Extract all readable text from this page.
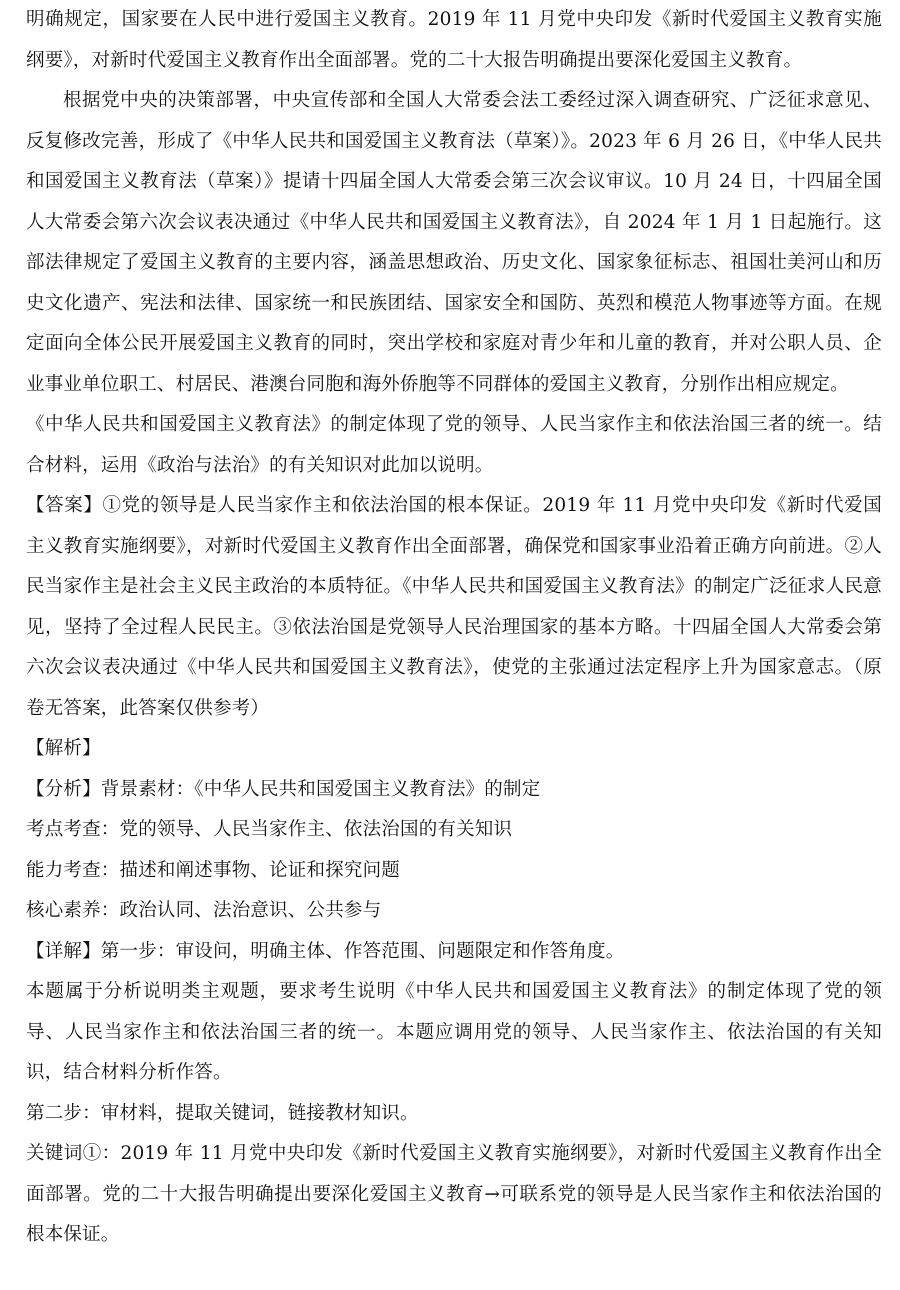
明确规定，国家要在人民中进行爱国主义教育。2019 年 11 月党中央印发《新时代爱国主义教育实施纲要》，对新时代爱国主义教育作出全面部署。党的二十大报告明确提出要深化爱国主义教育。

根据党中央的决策部署，中央宣传部和全国人大常委会法工委经过深入调查研究、广泛征求意见、反复修改完善，形成了《中华人民共和国爱国主义教育法（草案）》。2023 年 6 月 26 日，《中华人民共和国爱国主义教育法（草案）》提请十四届全国人大常委会第三次会议审议。10 月 24 日，十四届全国人大常委会第六次会议表决通过《中华人民共和国爱国主义教育法》，自 2024 年 1 月 1 日起施行。这部法律规定了爱国主义教育的主要内容，涵盖思想政治、历史文化、国家象征标志、祖国壮美河山和历史文化遗产、宪法和法律、国家统一和民族团结、国家安全和国防、英烈和模范人物事迹等方面。在规定面向全体公民开展爱国主义教育的同时，突出学校和家庭对青少年和儿童的教育，并对公职人员、企业事业单位职工、村居民、港澳台同胞和海外侨胞等不同群体的爱国主义教育，分别作出相应规定。

《中华人民共和国爱国主义教育法》的制定体现了党的领导、人民当家作主和依法治国三者的统一。结合材料，运用《政治与法治》的有关知识对此加以说明。

【答案】①党的领导是人民当家作主和依法治国的根本保证。2019 年 11 月党中央印发《新时代爱国主义教育实施纲要》，对新时代爱国主义教育作出全面部署，确保党和国家事业沿着正确方向前进。②人民当家作主是社会主义民主政治的本质特征。《中华人民共和国爱国主义教育法》的制定广泛征求人民意见，坚持了全过程人民民主。③依法治国是党领导人民治理国家的基本方略。十四届全国人大常委会第六次会议表决通过《中华人民共和国爱国主义教育法》，使党的主张通过法定程序上升为国家意志。（原卷无答案，此答案仅供参考）

【解析】

【分析】背景素材：《中华人民共和国爱国主义教育法》的制定

考点考查：党的领导、人民当家作主、依法治国的有关知识

能力考查：描述和阐述事物、论证和探究问题

核心素养：政治认同、法治意识、公共参与

【详解】第一步：审设问，明确主体、作答范围、问题限定和作答角度。

本题属于分析说明类主观题，要求考生说明《中华人民共和国爱国主义教育法》的制定体现了党的领导、人民当家作主和依法治国三者的统一。本题应调用党的领导、人民当家作主、依法治国的有关知识，结合材料分析作答。

第二步：审材料，提取关键词，链接教材知识。

关键词①：2019 年 11 月党中央印发《新时代爱国主义教育实施纲要》，对新时代爱国主义教育作出全面部署。党的二十大报告明确提出要深化爱国主义教育→可联系党的领导是人民当家作主和依法治国的根本保证。
